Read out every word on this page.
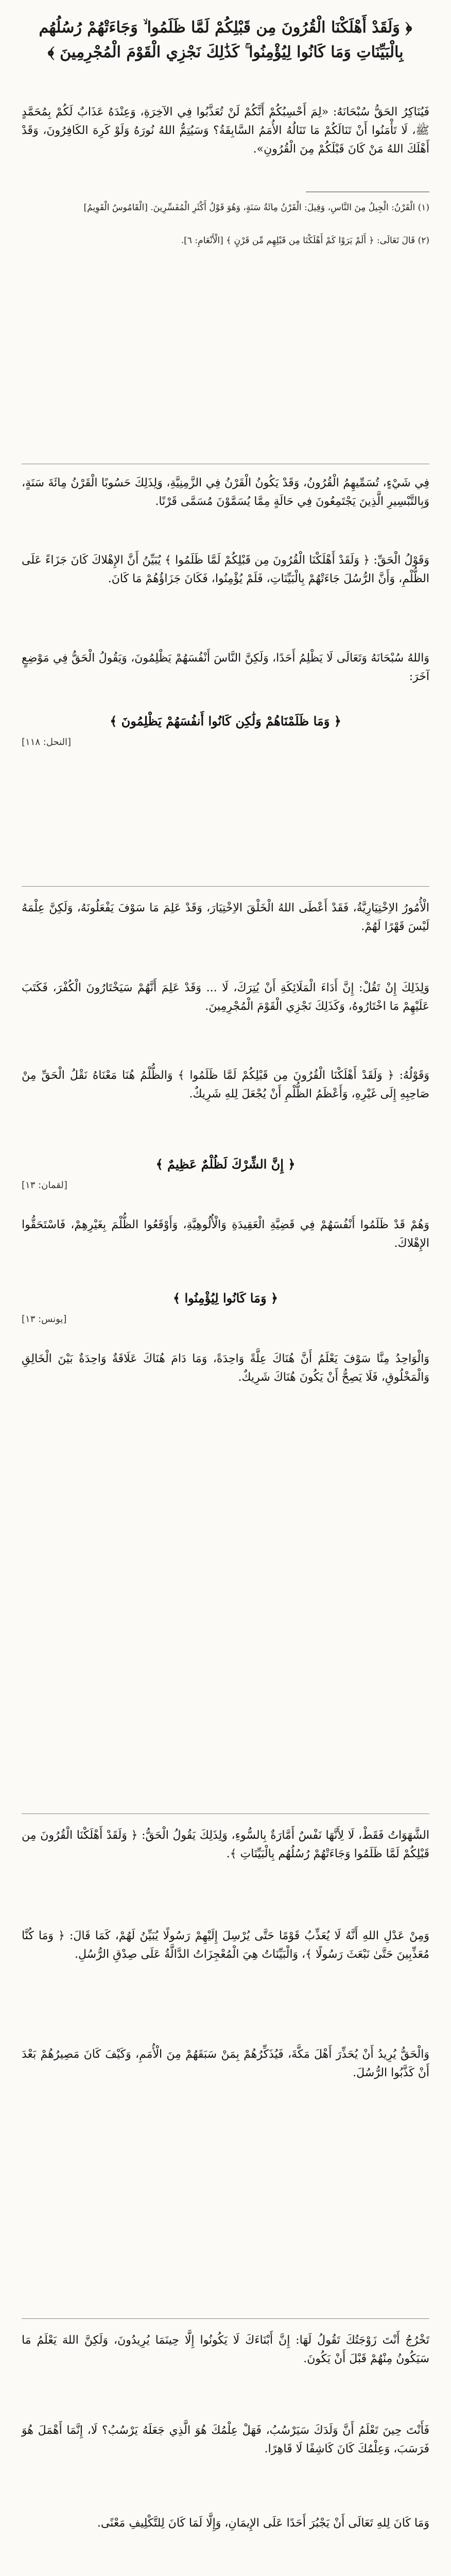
﴿ وَلَقَدْ أَهْلَكْنَا الْقُرُونَ مِن قَبْلِكُمْ لَمَّا ظَلَمُوا ۙ وَجَاءَتْهُمْ رُسُلُهُم بِالْبَيِّنَاتِ وَمَا كَانُوا لِيُؤْمِنُوا ۚ كَذَٰلِكَ نَجْزِي الْقَوْمَ الْمُجْرِمِينَ ﴾
فَيُنَاكِرُ الحَقُّ سُبْحَانَهُ: «لِمَ أَحْسِبُكُمْ أَنَّكُمْ لَنْ تُعَذَّبُوا فِي الآخِرَةِ، وَعِنْدَهُ عَذَابٌ لَكُمْ بِمُحَمَّدٍ ﷺ، لَا تَأْمَنُوا أَنْ تَنَالَكُمْ مَا تَنَالُهُ الأُمَمُ السَّابِقَةُ؟ وَسَيُتِمُّ اللهُ نُورَهُ وَلَوْ كَرِهَ الكَافِرُونَ، وَقَدْ أَهْلَكَ اللهُ مَنْ كَانَ قَبْلَكُمْ مِنَ الْقُرُونِ».
(١) الْقَرْنُ: الْجِيلُ مِنَ النَّاسِ، وَقِيلَ: الْقَرْنُ مِائَةُ سَنَةٍ، وَهُوَ قَوْلُ أَكْثَرِ الْمُفَسِّرِينَ. [الْقَامُوسُ الْقَوِيمُ]
(٢) قَالَ تَعَالَى: ﴿ أَلَمْ يَرَوْا كَمْ أَهْلَكْنَا مِن قَبْلِهِم مِّن قَرْنٍ ﴾ [الْأَنْعَامِ: ٦].
فِي شَيْءٍ، تُسَمِّيهِمُ الْقُرُونُ، وَقَدْ يَكُونُ الْقَرْنُ فِي الزَّمِنِيَّةِ، وَلِذَلِكَ حَسُوبًا الْقَرْنُ مِائَةَ سَنَةٍ، وَبِالتَّبْسِيرِ الَّذِينَ يَجْتَمِعُونَ فِي حَالَةٍ مِمَّا يُسَمَّوْنَ مُسَمَّى قَرْنًا.
وَقَوْلُ الْحَقِّ: ﴿ وَلَقَدْ أَهْلَكْنَا الْقُرُونَ مِن قَبْلِكُمْ لَمَّا ظَلَمُوا ﴾ يُبَيِّنُ أَنَّ الإِهْلاكَ كَانَ جَزَاءً عَلَى الظُّلْمِ، وَأَنَّ الرُّسُلَ جَاءَتْهُمْ بِالْبَيِّنَاتِ، فَلَمْ يُؤْمِنُوا، فَكَانَ جَزَاؤُهُمْ مَا كَانَ.
وَاللهُ سُبْحَانَهُ وَتَعَالَى لَا يَظْلِمُ أَحَدًا، وَلَكِنَّ النَّاسَ أَنْفُسَهُمْ يَظْلِمُونَ، وَيَقُولُ الْحَقُّ فِي مَوْضِعٍ آخَرَ:
﴿ وَمَا ظَلَمْنَاهُمْ وَلَٰكِن كَانُوا أَنفُسَهُمْ يَظْلِمُونَ ﴾
[النحل: ١١٨]
الْأُمُورُ الاِخْتِيَارِيَّةُ، فَقَدْ أَعْطَى اللهُ الْخَلْقَ الاِخْتِيَارَ، وَقَدْ عَلِمَ مَا سَوْفَ يَفْعَلُونَهُ، وَلَكِنَّ عِلْمَهُ لَيْسَ قَهْرًا لَهُمْ.
وَلِذَلِكَ إِنْ تَقُلْ: إِنَّ أَدَاءَ الْمَلَائِكَةِ أَنْ يُتِرَكَ، لَا ... وَقَدْ عَلِمَ أَنَّهُمْ سَيَخْتَارُونَ الْكُفْرَ، فَكَتَبَ عَلَيْهِمْ مَا اخْتَارُوهُ، وَكَذَلِكَ نَجْزِي الْقَوْمَ الْمُجْرِمِينَ.
وَقَوْلُهُ: ﴿ وَلَقَدْ أَهْلَكْنَا الْقُرُونَ مِن قَبْلِكُمْ لَمَّا ظَلَمُوا ﴾ وَالظُّلْمُ هُنَا مَعْنَاهُ نَقْلُ الْحَقِّ مِنْ صَاحِبِهِ إِلَى غَيْرِهِ، وَأَعْظَمُ الظُّلْمِ أَنْ يُجْعَلَ لِلهِ شَرِيكٌ.
﴿ إِنَّ الشِّرْكَ لَظُلْمٌ عَظِيمٌ ﴾
[لقمان: ١٣]
وَهُمْ قَدْ ظَلَمُوا أَنْفُسَهُمْ فِي قَضِيَّةِ الْعَقِيدَةِ وَالْأُلُوهِيَّةِ، وَأَوْقَعُوا الظُّلْمَ بِغَيْرِهِمْ، فَاسْتَحَقُّوا الإِهْلاكَ.
﴿ وَمَا كَانُوا لِيُؤْمِنُوا ﴾
[يونس: ١٣]
وَالْوَاحِدُ مِنَّا سَوْفَ يَعْلَمُ أَنَّ هُنَاكَ عِلَّةً وَاحِدَةً، وَمَا دَامَ هُنَاكَ عَلَاقَةٌ وَاحِدَةٌ بَيْنَ الْخَالِقِ وَالْمَخْلُوقِ، فَلَا يَصِحُّ أَنْ يَكُونَ هُنَاكَ شَرِيكٌ.
الشَّهَوَاتُ فَقَطْ، لَا لِأَنَّهَا نَفْسٌ أَمَّارَةٌ بِالسُّوءِ، وَلِذَلِكَ يَقُولُ الْحَقُّ: ﴿ وَلَقَدْ أَهْلَكْنَا الْقُرُونَ مِن قَبْلِكُمْ لَمَّا ظَلَمُوا وَجَاءَتْهُمْ رُسُلُهُم بِالْبَيِّنَاتِ ﴾.
وَمِنْ عَدْلِ اللهِ أَنَّهُ لَا يُعَذِّبُ قَوْمًا حَتَّى يُرْسِلَ إِلَيْهِمْ رَسُولًا يُبَيِّنُ لَهُمْ، كَمَا قَالَ: ﴿ وَمَا كُنَّا مُعَذِّبِينَ حَتَّىٰ نَبْعَثَ رَسُولًا ﴾، وَالْبَيِّنَاتُ هِيَ الْمُعْجِزَاتُ الدَّالَّةُ عَلَى صِدْقِ الرُّسُلِ.
وَالْحَقُّ يُرِيدُ أَنْ يُحَذِّرَ أَهْلَ مَكَّةَ، فَيُذَكِّرُهُمْ بِمَنْ سَبَقَهُمْ مِنَ الْأُمَمِ، وَكَيْفَ كَانَ مَصِيرُهُمْ بَعْدَ أَنْ كَذَّبُوا الرُّسُلَ.
تَخْرُجُ أَنْتَ زَوْجَتُكَ تَقُولُ لَهَا: إِنَّ أَبْنَاءَكَ لَا يَكُونُوا إِلَّا حِينَمَا يُرِيدُونَ، وَلَكِنَّ اللهَ يَعْلَمُ مَا سَيَكُونُ مِنْهُمْ قَبْلَ أَنْ يَكُونَ.
فَأَنْتَ حِينَ تَعْلَمُ أَنَّ وَلَدَكَ سَيَرْسُبُ، فَهَلْ عِلْمُكَ هُوَ الَّذِي جَعَلَهُ يَرْسُبُ؟ لَا، إِنَّمَا أَهْمَلَ هُوَ فَرَسَبَ، وَعِلْمُكَ كَانَ كَاشِفًا لَا قَاهِرًا.
وَمَا كَانَ لِلهِ تَعَالَى أَنْ يَجْبُرَ أَحَدًا عَلَى الإِيمَانِ، وَإِلَّا لَمَا كَانَ لِلتَّكْلِيفِ مَعْنًى.
